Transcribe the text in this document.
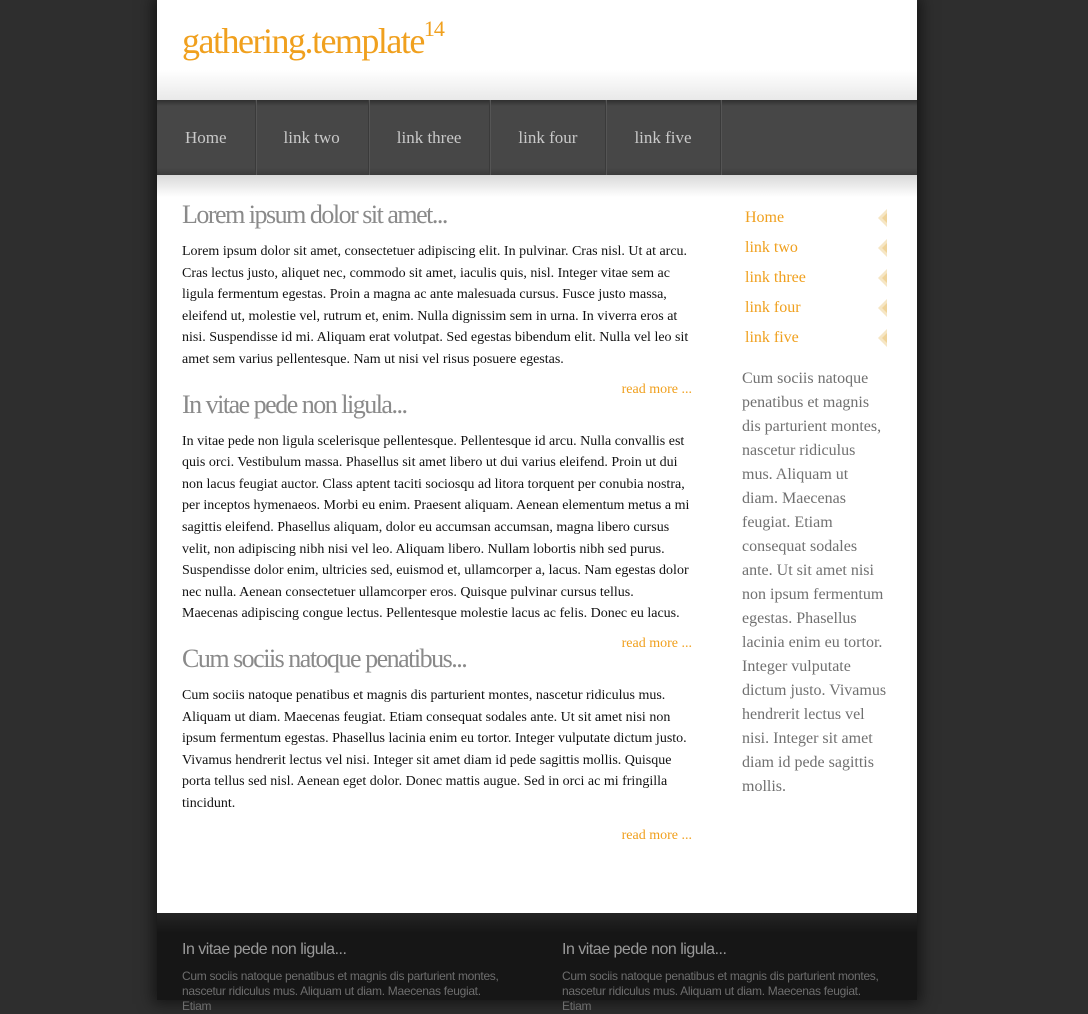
gathering.template$^{14}$
Home	link two	link three	link four	link five
Lorem ipsum dolor sit amet...

Lorem ipsum dolor sit amet, consectetuer adipiscing elit. In pulvinar. Cras nisl. Ut at arcu. Cras lectus justo, aliquet nec, commodo sit amet, iaculis quis, nisl. Integer vitae sem ac ligula fermentum egestas. Proin a magna ac ante malesuada cursus. Fusce justo massa, eleifend ut, molestie vel, rutrum et, enim. Nulla dignissim sem in urna. In viverra eros at nisi. Suspendisse id mi. Aliquam erat volutpat. Sed egestas bibendum elit. Nulla vel leo sit amet sem varius pellentesque. Nam ut nisi vel risus posuere egestas.

read more ...
In vitae pede non ligula...

In vitae pede non ligula scelerisque pellentesque. Pellentesque id arcu. Nulla convallis est quis orci. Vestibulum massa. Phasellus sit amet libero ut dui varius eleifend. Proin ut dui non lacus feugiat auctor. Class aptent taciti sociosqu ad litora torquent per conubia nostra, per inceptos hymenaeos. Morbi eu enim. Praesent aliquam. Aenean elementum metus a mi sagittis eleifend. Phasellus aliquam, dolor eu accumsan accumsan, magna libero cursus velit, non adipiscing nibh nisi vel leo. Aliquam libero. Nullam lobortis nibh sed purus. Suspendisse dolor enim, ultricies sed, euismod et, ullamcorper a, lacus. Nam egestas dolor nec nulla. Aenean consectetuer ullamcorper eros. Quisque pulvinar cursus tellus. Maecenas adipiscing congue lectus. Pellentesque molestie lacus ac felis. Donec eu lacus.

read more ...
Cum sociis natoque penatibus...

Cum sociis natoque penatibus et magnis dis parturient montes, nascetur ridiculus mus. Aliquam ut diam. Maecenas feugiat. Etiam consequat sodales ante. Ut sit amet nisi non ipsum fermentum egestas. Phasellus lacinia enim eu tortor. Integer vulputate dictum justo. Vivamus hendrerit lectus vel nisi. Integer sit amet diam id pede sagittis mollis. Quisque porta tellus sed nisl. Aenean eget dolor. Donec mattis augue. Sed in orci ac mi fringilla tincidunt.

read more ...
Home
link two
link three
link four
link five

Cum sociis natoque penatibus et magnis dis parturient montes, nascetur ridiculus mus. Aliquam ut diam. Maecenas feugiat. Etiam consequat sodales ante. Ut sit amet nisi non ipsum fermentum egestas. Phasellus lacinia enim eu tortor. Integer vulputate dictum justo. Vivamus hendrerit lectus vel nisi. Integer sit amet diam id pede sagittis mollis.

In vitae pede non ligula...

Cum sociis natoque penatibus et magnis dis parturient montes, nascetur ridiculus mus. Aliquam ut diam. Maecenas feugiat. Etiam

In vitae pede non ligula...

Cum sociis natoque penatibus et magnis dis parturient montes, nascetur ridiculus mus. Aliquam ut diam. Maecenas feugiat. Etiam
